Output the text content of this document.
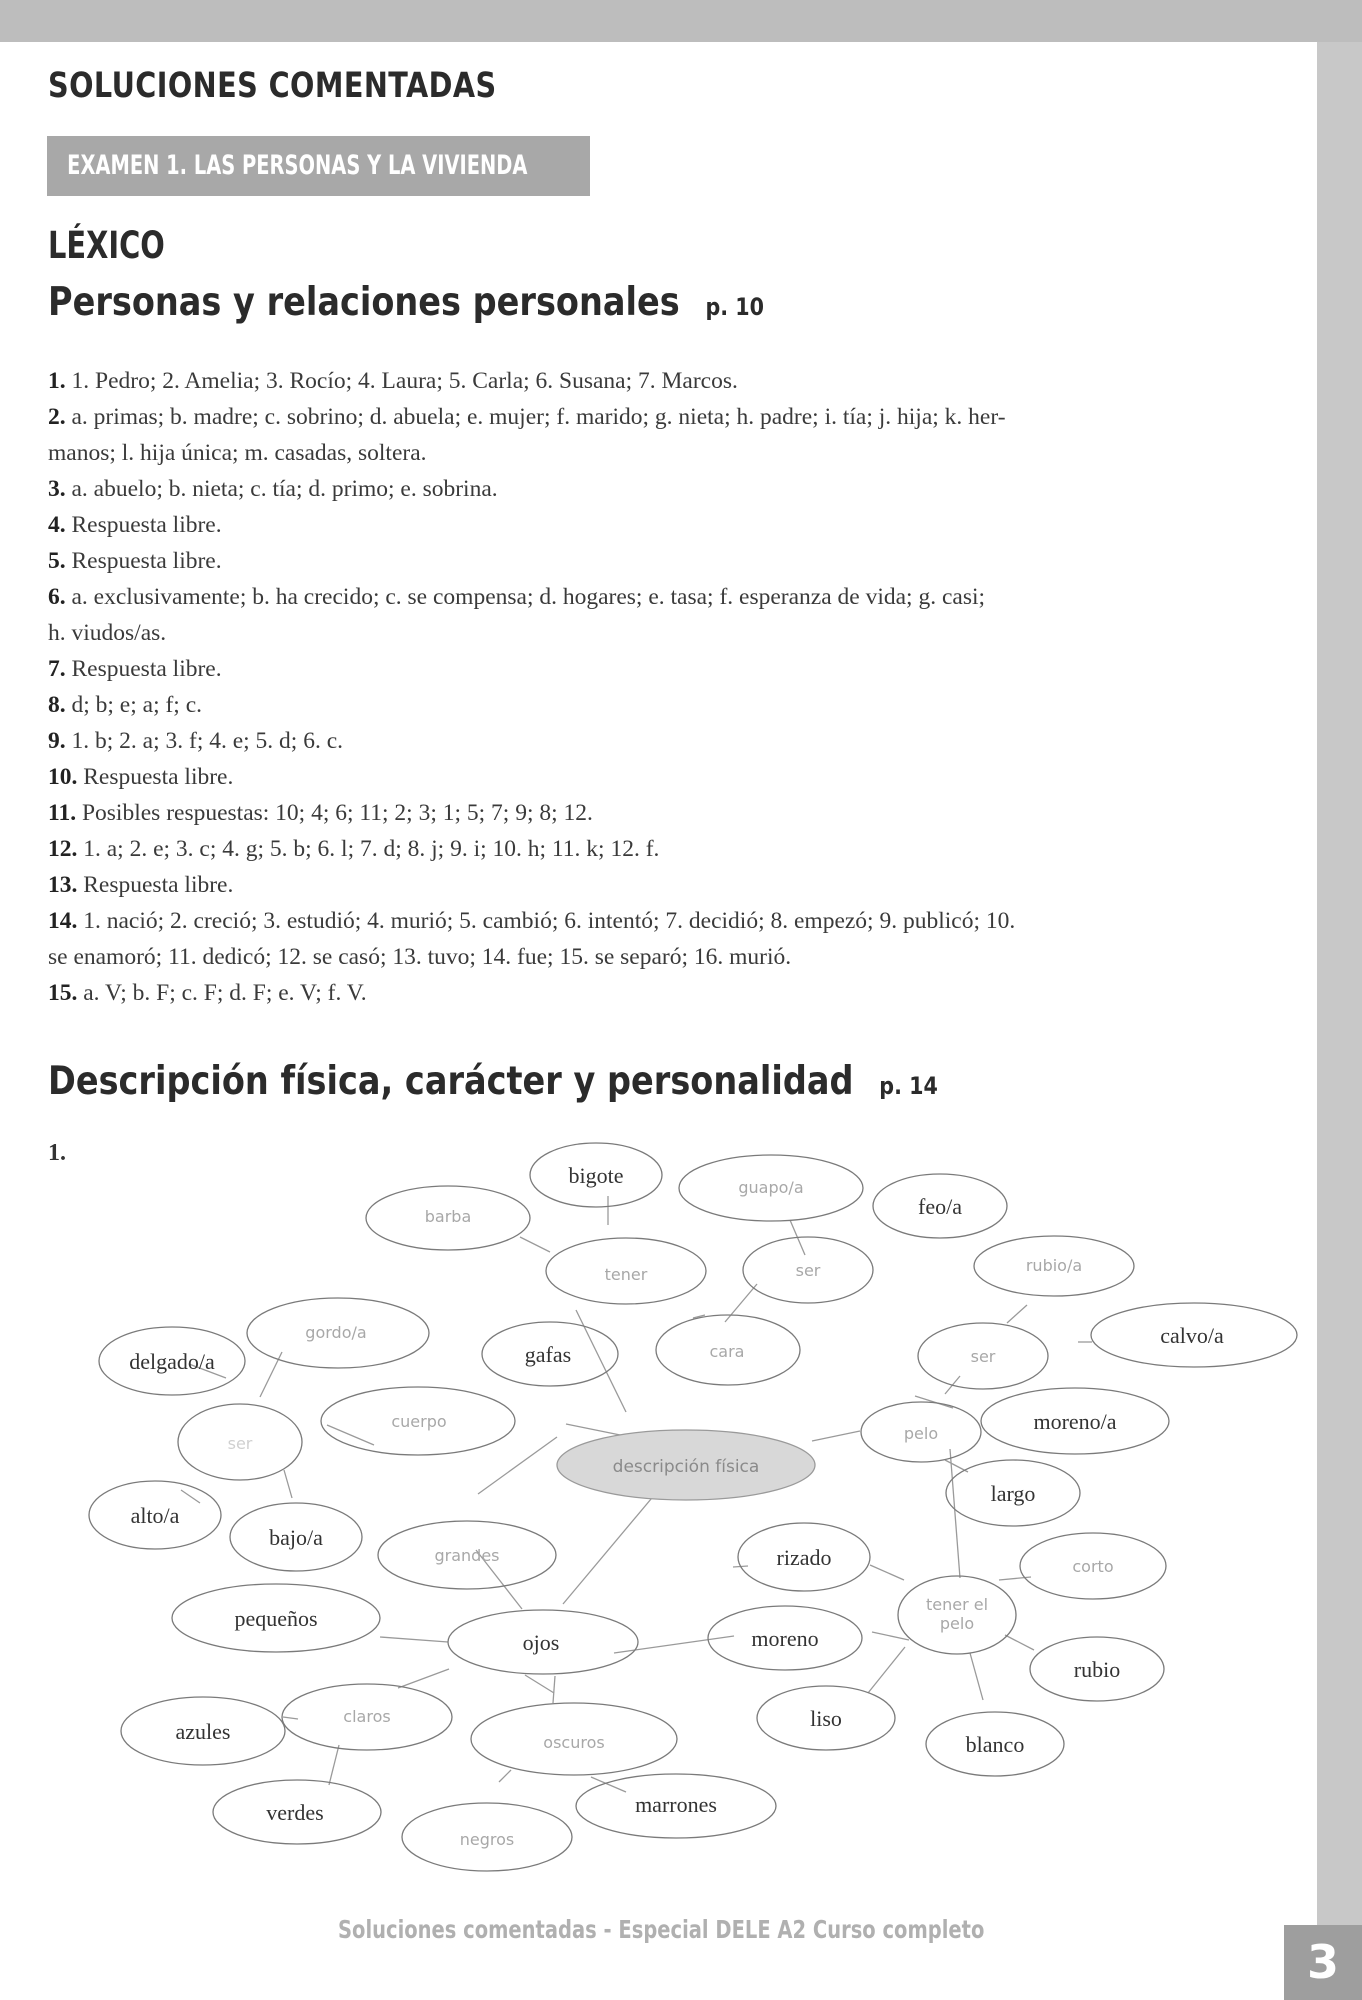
SOLUCIONES COMENTADAS
EXAMEN 1. LAS PERSONAS Y LA VIVIENDA
LÉXICO
Personas y relaciones personales p. 10

1. 1. Pedro; 2. Amelia; 3. Rocío; 4. Laura; 5. Carla; 6. Susana; 7. Marcos.

2. a. primas; b. madre; c. sobrino; d. abuela; e. mujer; f. marido; g. nieta; h. padre; i. tía; j. hija; k. her-
manos; l. hija única; m. casadas, soltera.

3. a. abuelo; b. nieta; c. tía; d. primo; e. sobrina.

4. Respuesta libre.

5. Respuesta libre.

6. a. exclusivamente; b. ha crecido; c. se compensa; d. hogares; e. tasa; f. esperanza de vida; g. casi;
h. viudos/as.

7. Respuesta libre.

8. d; b; e; a; f; c.

9. 1. b; 2. a; 3. f; 4. e; 5. d; 6. c.

10. Respuesta libre.

11. Posibles respuestas: 10; 4; 6; 11; 2; 3; 1; 5; 7; 9; 8; 12.

12. 1. a; 2. e; 3. c; 4. g; 5. b; 6. l; 7. d; 8. j; 9. i; 10. h; 11. k; 12. f.

13. Respuesta libre.

14. 1. nació; 2. creció; 3. estudió; 4. murió; 5. cambió; 6. intentó; 7. decidió; 8. empezó; 9. publicó; 10.
se enamoró; 11. dedicó; 12. se casó; 13. tuvo; 14. fue; 15. se separó; 16. murió.

15. a. V; b. F; c. F; d. F; e. V; f. V.

Descripción física, carácter y personalidad p. 14
1.
bigote
feo/a
delgado/a	gafas
calvo/a
moreno/a
largo
alto/a
bajo/a
rizado
pequeños
ojos	moreno
rubio
azules
liso
blanco
verdes	marrones
guapo/a
barba
tener	ser	rubio/a
gordo/a
cara	ser
cuerpo
ser
pelo
descripción física
grandes
corto
claros
oscuros
negros
tener el pelo
Soluciones comentadas - Especial DELE A2 Curso completo
3
